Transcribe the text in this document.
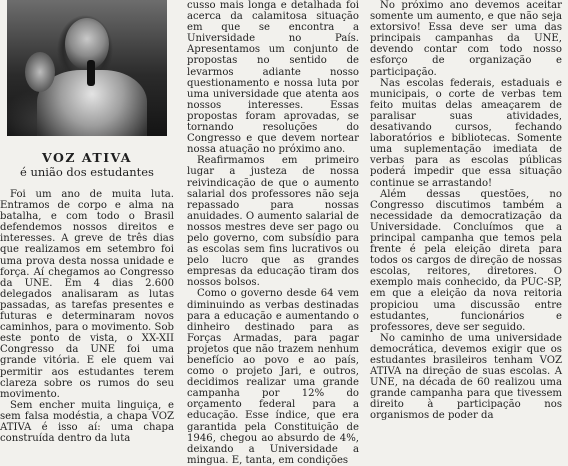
VOZ ATIVA
é união dos estudantes

Foi um ano de muita luta. Entramos de corpo e alma na batalha, e com todo o Brasil defendemos nossos direitos e interesses. A greve de três dias que realizamos em setembro foi uma prova desta nossa unidade e força. Aí chegamos ao Congresso da UNE. Em 4 dias 2.600 delegados analisaram as lutas passadas, as tarefas presentes e futuras e determinaram novos caminhos, para o movimento. Sob este ponto de vista, o XX-XII Congresso da UNE foi uma grande vitória. E ele quem vai permitir aos estudantes terem clareza sobre os rumos do seu movimento.

Sem encher muita linguiça, e sem falsa modéstia, a chapa VOZ ATIVA é isso aí: uma chapa construída dentro da luta

cusso mais longa e detalhada foi acerca da calamitosa situação em que se encontra a Universidade no País. Apresentamos um conjunto de propostas no sentido de levarmos adiante nosso questionamento e nossa luta por uma universidade que atenta aos nossos interesses. Essas propostas foram aprovadas, se tornando resoluções do Congresso e que devem nortear nossa atuação no próximo ano.

Reafirmamos em primeiro lugar a justeza de nossa reivindicação de que o aumento salarial dos professores não seja repassado para nossas anuidades. O aumento salarial de nossos mestres deve ser pago ou pelo governo, com subsídio para as escolas sem fins lucrativos ou pelo lucro que as grandes empresas da educação tiram dos nossos bolsos.

Como o governo desde 64 vem diminuindo as verbas destinadas para a educação e aumentando o dinheiro destinado para as Forças Armadas, para pagar projetos que não trazem nenhum benefício ao povo e ao país, como o projeto Jari, e outros, decidimos realizar uma grande campanha por 12% do orçamento federal para a educação. Esse índice, que era garantida pela Constituição de 1946, chegou ao absurdo de 4%, deixando a Universidade a mingua. E, tanta, em condições

No próximo ano devemos aceitar somente um aumento, e que não seja extorsivo! Essa deve ser uma das principais campanhas da UNE, devendo contar com todo nosso esforço de organização e participação.

Nas escolas federais, estaduais e municipais, o corte de verbas tem feito muitas delas ameaçarem de paralisar suas atividades, desativando cursos, fechando laboratórios e bibliotecas. Somente uma suplementação imediata de verbas para as escolas públicas poderá impedir que essa situação continue se arrastando!

Além dessas questões, no Congresso discutimos também a necessidade da democratização da Universidade. Concluímos que a principal campanha que temos pela frente é pela eleição direta para todos os cargos de direção de nossas escolas, reitores, diretores. O exemplo mais conhecido, da PUC-SP, em que a eleição da nova reitoria propiciou uma discussão entre estudantes, funcionários e professores, deve ser seguido.

No caminho de uma universidade democrática, devemos exigir que os estudantes brasileiros tenham VOZ ATIVA na direção de suas escolas. A UNE, na década de 60 realizou uma grande campanha para que tivessem direito à participação nos organismos de poder da
